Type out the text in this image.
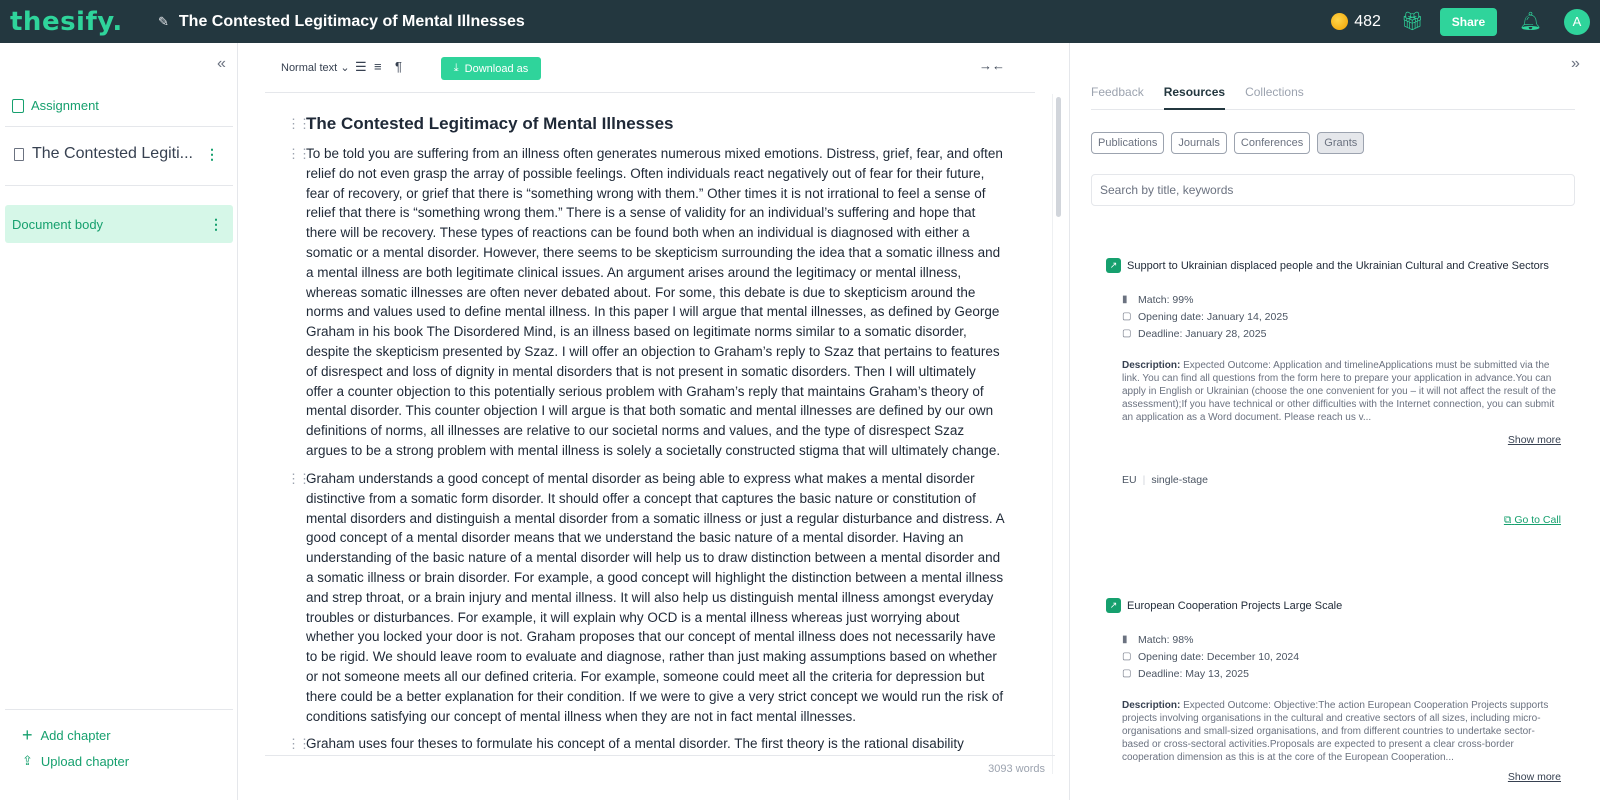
thesify.	✎ The Contested Legitimacy of Mental Illnesses	482 🎁︎	Share	🔔︎	A
«
Assignment
The Contested Legiti... ⋮
Document body	⋮
+ Add chapter
⇪ Upload chapter
Normal text ⌄ ☰ ≡ ¶	⤓ Download as	→←
⋮⋮
The Contested Legitimacy of Mental Illnesses
⋮⋮
To be told you are suffering from an illness often generates numerous mixed emotions. Distress, grief, fear, and often relief do not even grasp the array of possible feelings. Often individuals react negatively out of fear for their future, fear of recovery, or grief that there is “something wrong with them.” Other times it is not irrational to feel a sense of relief that there is “something wrong them.” There is a sense of validity for an individual’s suffering and hope that there will be recovery. These types of reactions can be found both when an individual is diagnosed with either a somatic or a mental disorder. However, there seems to be skepticism surrounding the idea that a somatic illness and a mental illness are both legitimate clinical issues. An argument arises around the legitimacy or mental illness, whereas somatic illnesses are often never debated about. For some, this debate is due to skepticism around the norms and values used to define mental illness. In this paper I will argue that mental illnesses, as defined by George Graham in his book The Disordered Mind, is an illness based on legitimate norms similar to a somatic disorder, despite the skepticism presented by Szaz. I will offer an objection to Graham’s reply to Szaz that pertains to features of disrespect and loss of dignity in mental disorders that is not present in somatic disorders. Then I will ultimately offer a counter objection to this potentially serious problem with Graham’s reply that maintains Graham’s theory of mental disorder. This counter objection I will argue is that both somatic and mental illnesses are defined by our own definitions of norms, all illnesses are relative to our societal norms and values, and the type of disrespect Szaz argues to be a strong problem with mental illness is solely a societally constructed stigma that will ultimately change.
⋮⋮
Graham understands a good concept of mental disorder as being able to express what makes a mental disorder distinctive from a somatic form disorder. It should offer a concept that captures the basic nature or constitution of mental disorders and distinguish a mental disorder from a somatic illness or just a regular disturbance and distress. A good concept of a mental disorder means that we understand the basic nature of a mental disorder. Having an understanding of the basic nature of a mental disorder will help us to draw distinction between a mental disorder and a somatic illness or brain disorder. For example, a good concept will highlight the distinction between a mental illness and strep throat, or a brain injury and mental illness. It will also help us distinguish mental illness amongst everyday troubles or disturbances. For example, it will explain why OCD is a mental illness whereas just worrying about whether you locked your door is not. Graham proposes that our concept of mental illness does not necessarily have to be rigid. We should leave room to evaluate and diagnose, rather than just making assumptions based on whether or not someone meets all our defined criteria. For example, someone could meet all the criteria for depression but there could be a better explanation for their condition. If we were to give a very strict concept we would run the risk of conditions satisfying our concept of mental illness when they are not in fact mental illnesses.
⋮⋮
Graham uses four theses to formulate his concept of a mental disorder. The first theory is the rational disability
3093 words
»
Feedback Resources Collections
Publications	Journals	Conferences	Grants
Search by title, keywords
↗ Support to Ukrainian displaced people and the Ukrainian Cultural and Creative Sectors
▮ Match: 99%
▢ Opening date: January 14, 2025
▢ Deadline: January 28, 2025
Description: Expected Outcome: Application and timelineApplications must be submitted via the link. You can find all questions from the form here to prepare your application in advance.You can apply in English or Ukrainian (choose the one convenient for you – it will not affect the result of the assessment);If you have technical or other difficulties with the Internet connection, you can submit an application as a Word document. Please reach us v...
Show more
EU | single-stage
⧉ Go to Call
↗ European Cooperation Projects Large Scale
▮ Match: 98%
▢ Opening date: December 10, 2024
▢ Deadline: May 13, 2025
Description: Expected Outcome: Objective:The action European Cooperation Projects supports projects involving organisations in the cultural and creative sectors of all sizes, including micro-organisations and small-sized organisations, and from different countries to undertake sector-based or cross-sectoral activities.Proposals are expected to present a clear cross-border cooperation dimension as this is at the core of the European Cooperation...
Show more
